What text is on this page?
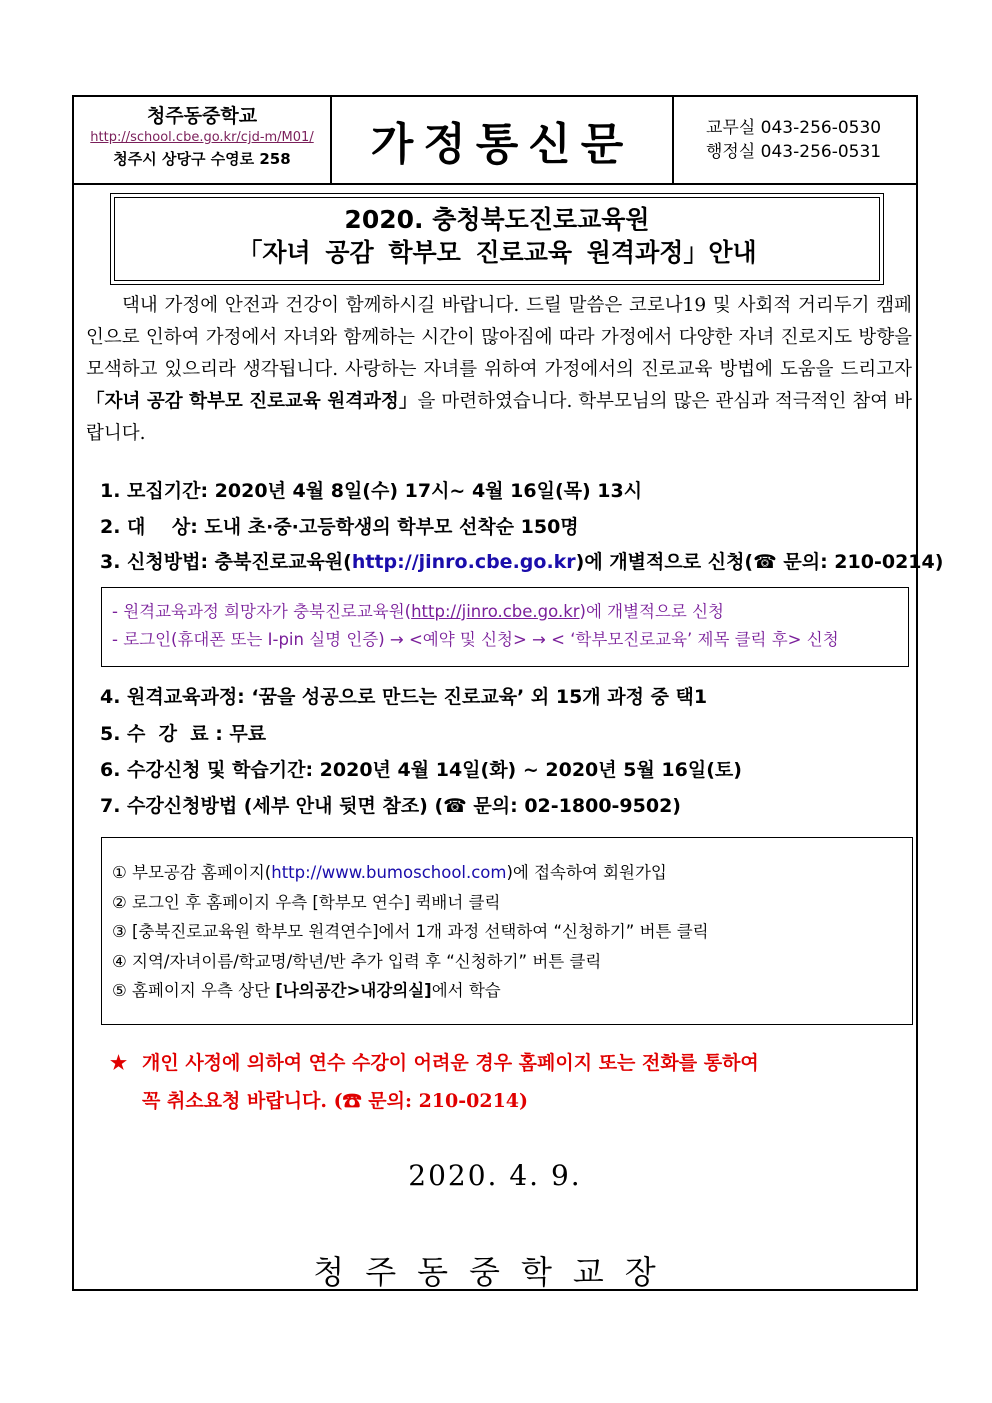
청주동중학교
http://school.cbe.go.kr/cjd-m/M01/
청주시 상당구 수영로 258	가정통신문	교무실 043-256-0530
행정실 043-256-0531
2020. 충청북도진로교육원
「자녀 공감 학부모 진로교육 원격과정」안내
댁내 가정에 안전과 건강이 함께하시길 바랍니다. 드릴 말씀은 코로나19 및 사회적 거리두기 캠페인으로 인하여 가정에서 자녀와 함께하는 시간이 많아짐에 따라 가정에서 다양한 자녀 진로지도 방향을 모색하고 있으리라 생각됩니다. 사랑하는 자녀를 위하여 가정에서의 진로교육 방법에 도움을 드리고자 「자녀 공감 학부모 진로교육 원격과정」을 마련하였습니다. 학부모님의 많은 관심과 적극적인 참여 바랍니다.
1. 모집기간: 2020년 4월 8일(수) 17시~ 4월 16일(목) 13시
2. 대    상: 도내 초·중·고등학생의 학부모 선착순 150명
3. 신청방법: 충북진로교육원(http://jinro.cbe.go.kr)에 개별적으로 신청(☎ 문의: 210-0214)
- 원격교육과정 희망자가 충북진로교육원(http://jinro.cbe.go.kr)에 개별적으로 신청
- 로그인(휴대폰 또는 I-pin 실명 인증) → <예약 및 신청> → < ‘학부모진로교육’ 제목 클릭 후> 신청
4. 원격교육과정: ‘꿈을 성공으로 만드는 진로교육’ 외 15개 과정 중 택1
5. 수  강  료 : 무료
6. 수강신청 및 학습기간: 2020년 4월 14일(화) ~ 2020년 5월 16일(토)
7. 수강신청방법 (세부 안내 뒷면 참조) (☎ 문의: 02-1800-9502)
① 부모공감 홈페이지(http://www.bumoschool.com)에 접속하여 회원가입
② 로그인 후 홈페이지 우측 [학부모 연수] 퀵배너 클릭
③ [충북진로교육원 학부모 원격연수]에서 1개 과정 선택하여 “신청하기” 버튼 클릭
④ 지역/자녀이름/학교명/학년/반 추가 입력 후 “신청하기” 버튼 클릭
⑤ 홈페이지 우측 상단 [나의공간>내강의실]에서 학습
★ 개인 사정에 의하여 연수 수강이 어려운 경우 홈페이지 또는 전화를 통하여
꼭 취소요청 바랍니다. (☎ 문의: 210-0214)
2020. 4. 9.
청주동중학교장
